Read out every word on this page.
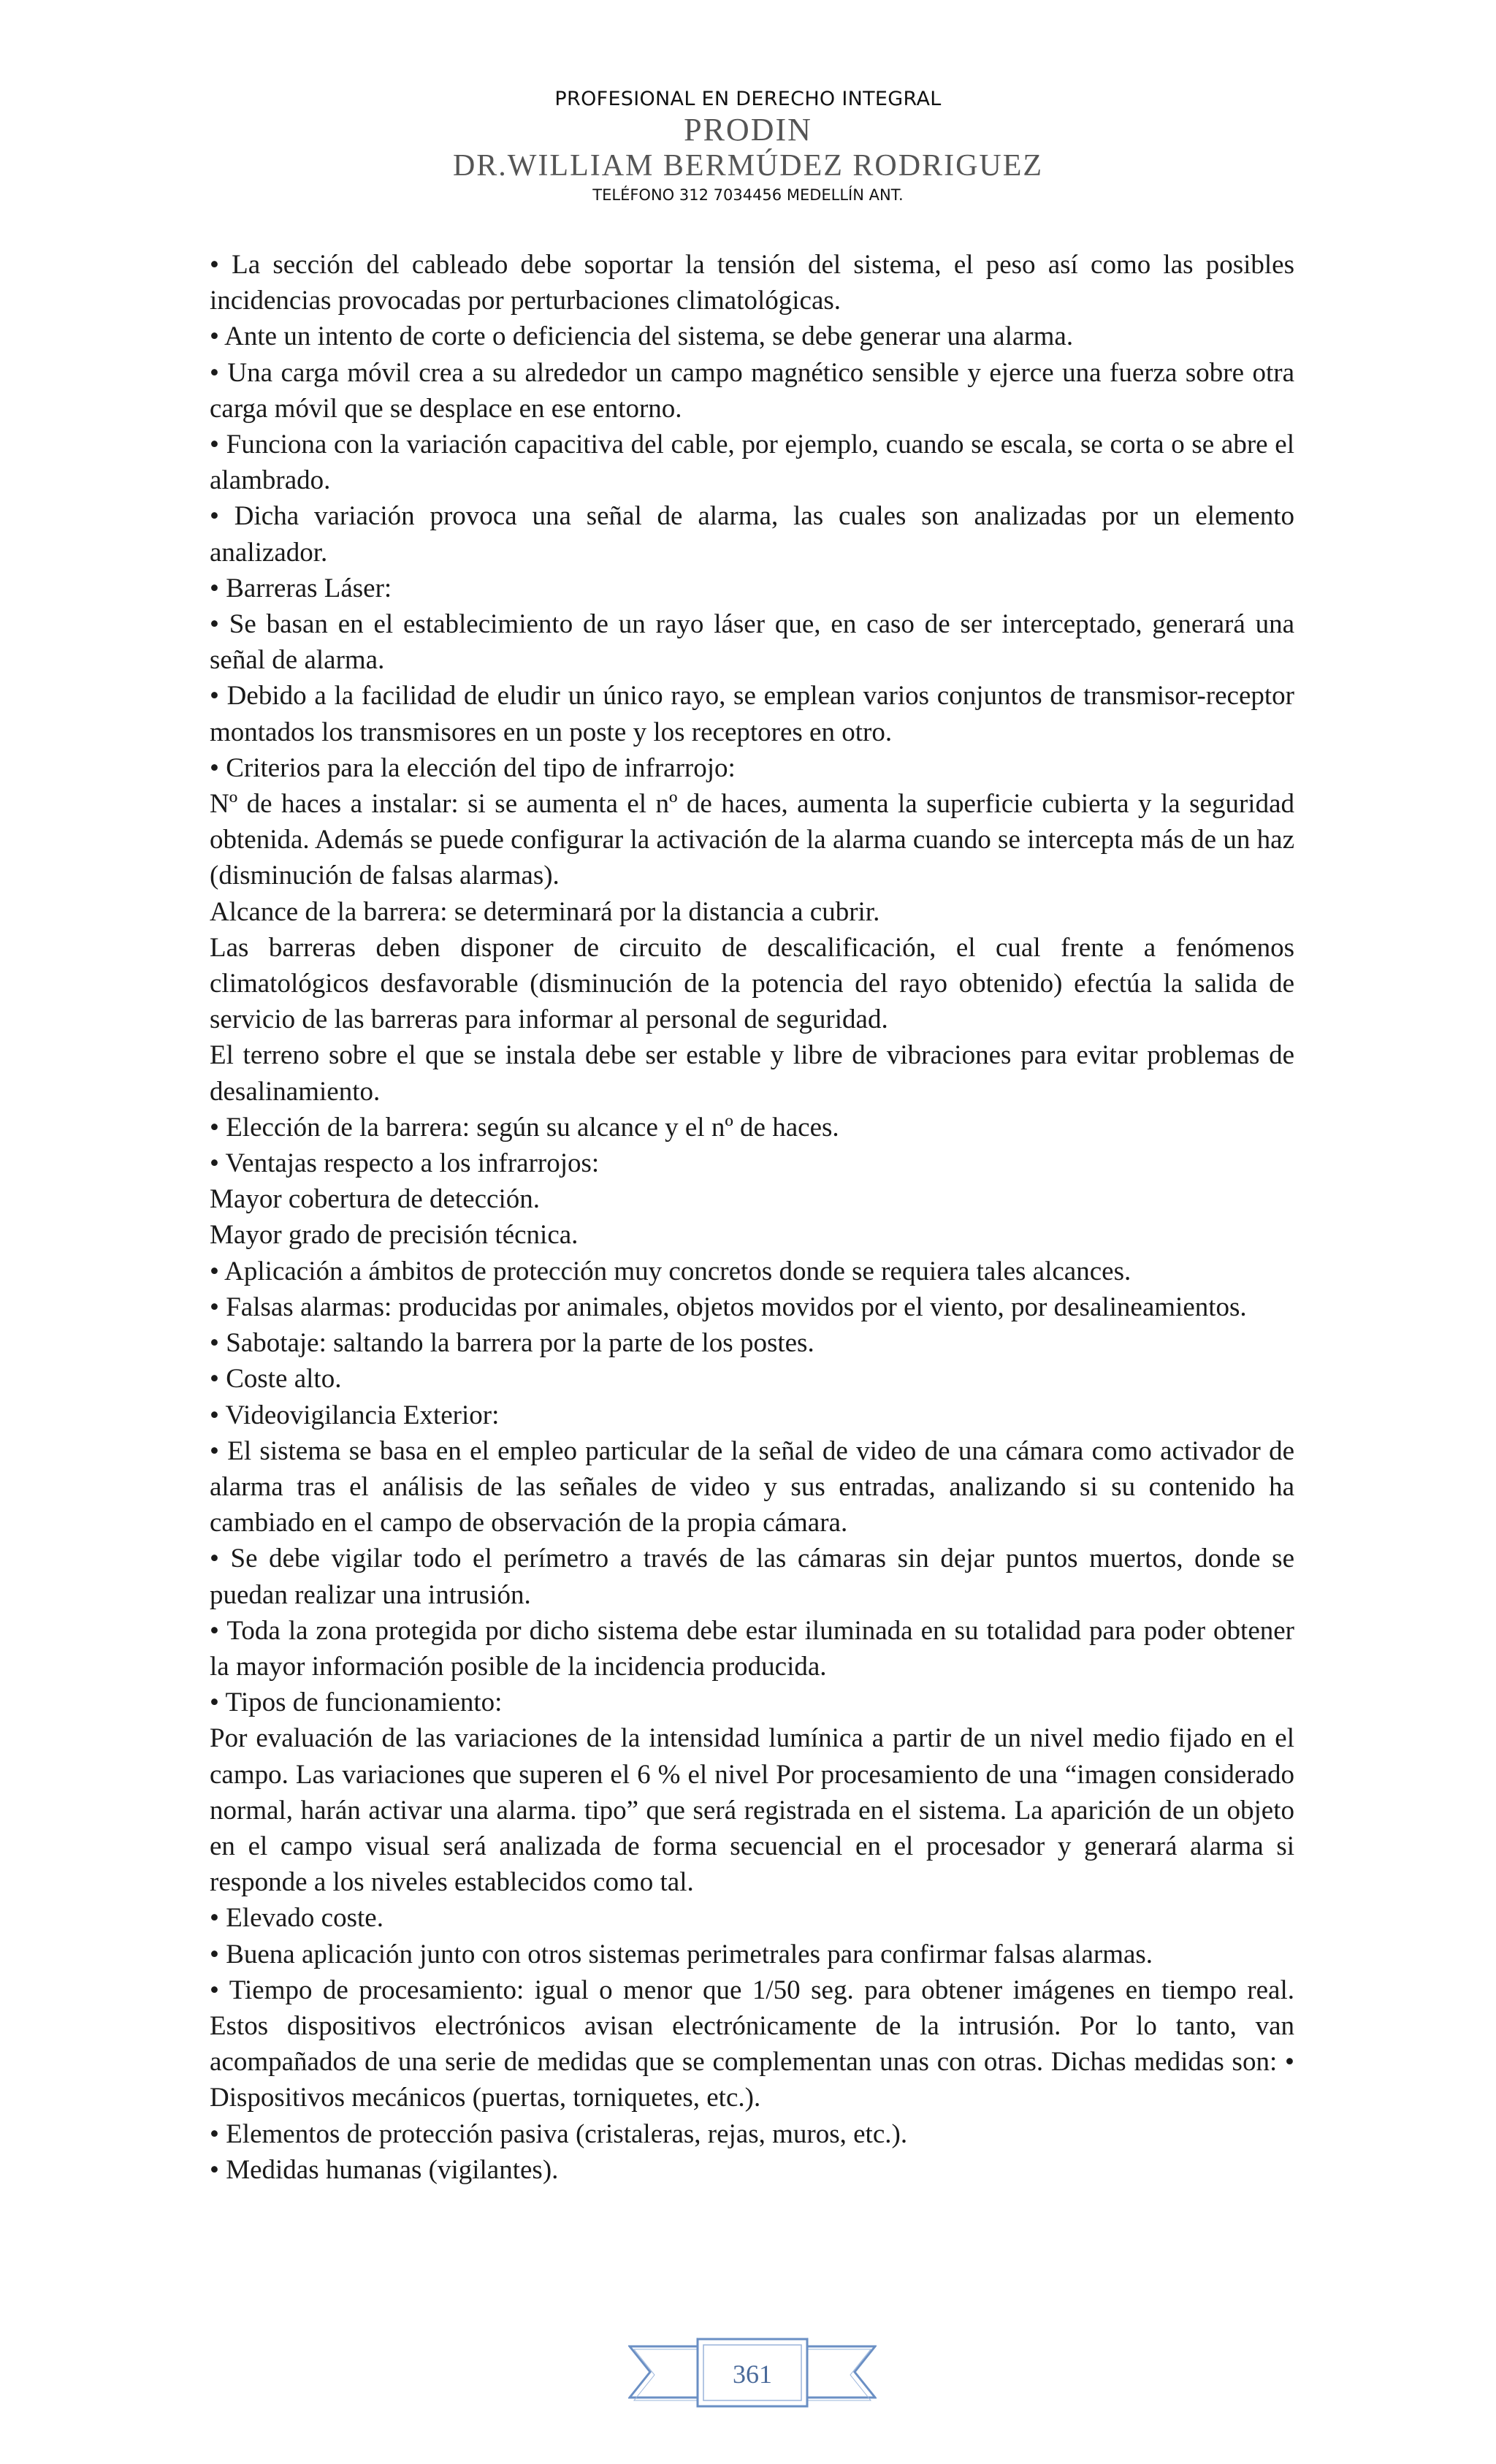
PROFESIONAL EN DERECHO INTEGRAL
PRODIN
DR.WILLIAM BERMÚDEZ RODRIGUEZ
TELÉFONO 312 7034456 MEDELLÍN ANT.

• La sección del cableado debe soportar la tensión del sistema, el peso así como las posibles incidencias provocadas por perturbaciones climatológicas.

• Ante un intento de corte o deficiencia del sistema, se debe generar una alarma.

• Una carga móvil crea a su alrededor un campo magnético sensible y ejerce una fuerza sobre otra carga móvil que se desplace en ese entorno.

• Funciona con la variación capacitiva del cable, por ejemplo, cuando se escala, se corta o se abre el alambrado.

• Dicha variación provoca una señal de alarma, las cuales son analizadas por un elemento analizador.

• Barreras Láser:

• Se basan en el establecimiento de un rayo láser que, en caso de ser interceptado, generará una señal de alarma.

• Debido a la facilidad de eludir un único rayo, se emplean varios conjuntos de transmisor-receptor montados los transmisores en un poste y los receptores en otro.

• Criterios para la elección del tipo de infrarrojo:

Nº de haces a instalar: si se aumenta el nº de haces, aumenta la superficie cubierta y la seguridad obtenida. Además se puede configurar la activación de la alarma cuando se intercepta más de un haz (disminución de falsas alarmas).

Alcance de la barrera: se determinará por la distancia a cubrir.

Las barreras deben disponer de circuito de descalificación, el cual frente a fenómenos climatológicos desfavorable (disminución de la potencia del rayo obtenido) efectúa la salida de servicio de las barreras para informar al personal de seguridad.

El terreno sobre el que se instala debe ser estable y libre de vibraciones para evitar problemas de desalinamiento.

• Elección de la barrera: según su alcance y el nº de haces.

• Ventajas respecto a los infrarrojos:

Mayor cobertura de detección.

Mayor grado de precisión técnica.

• Aplicación a ámbitos de protección muy concretos donde se requiera tales alcances.

• Falsas alarmas: producidas por animales, objetos movidos por el viento, por desalineamientos.

• Sabotaje: saltando la barrera por la parte de los postes.

• Coste alto.

• Videovigilancia Exterior:

• El sistema se basa en el empleo particular de la señal de video de una cámara como activador de alarma tras el análisis de las señales de video y sus entradas, analizando si su contenido ha cambiado en el campo de observación de la propia cámara.

• Se debe vigilar todo el perímetro a través de las cámaras sin dejar puntos muertos, donde se puedan realizar una intrusión.

• Toda la zona protegida por dicho sistema debe estar iluminada en su totalidad para poder obtener la mayor información posible de la incidencia producida.

• Tipos de funcionamiento:

Por evaluación de las variaciones de la intensidad lumínica a partir de un nivel medio fijado en el campo. Las variaciones que superen el 6 % el nivel Por procesamiento de una “imagen considerado normal, harán activar una alarma. tipo” que será registrada en el sistema. La aparición de un objeto en el campo visual será analizada de forma secuencial en el procesador y generará alarma si responde a los niveles establecidos como tal.

• Elevado coste.

• Buena aplicación junto con otros sistemas perimetrales para confirmar falsas alarmas.

• Tiempo de procesamiento: igual o menor que 1/50 seg. para obtener imágenes en tiempo real. Estos dispositivos electrónicos avisan electrónicamente de la intrusión. Por lo tanto, van acompañados de una serie de medidas que se complementan unas con otras. Dichas medidas son: • Dispositivos mecánicos (puertas, torniquetes, etc.).

• Elementos de protección pasiva (cristaleras, rejas, muros, etc.).

• Medidas humanas (vigilantes).

361
